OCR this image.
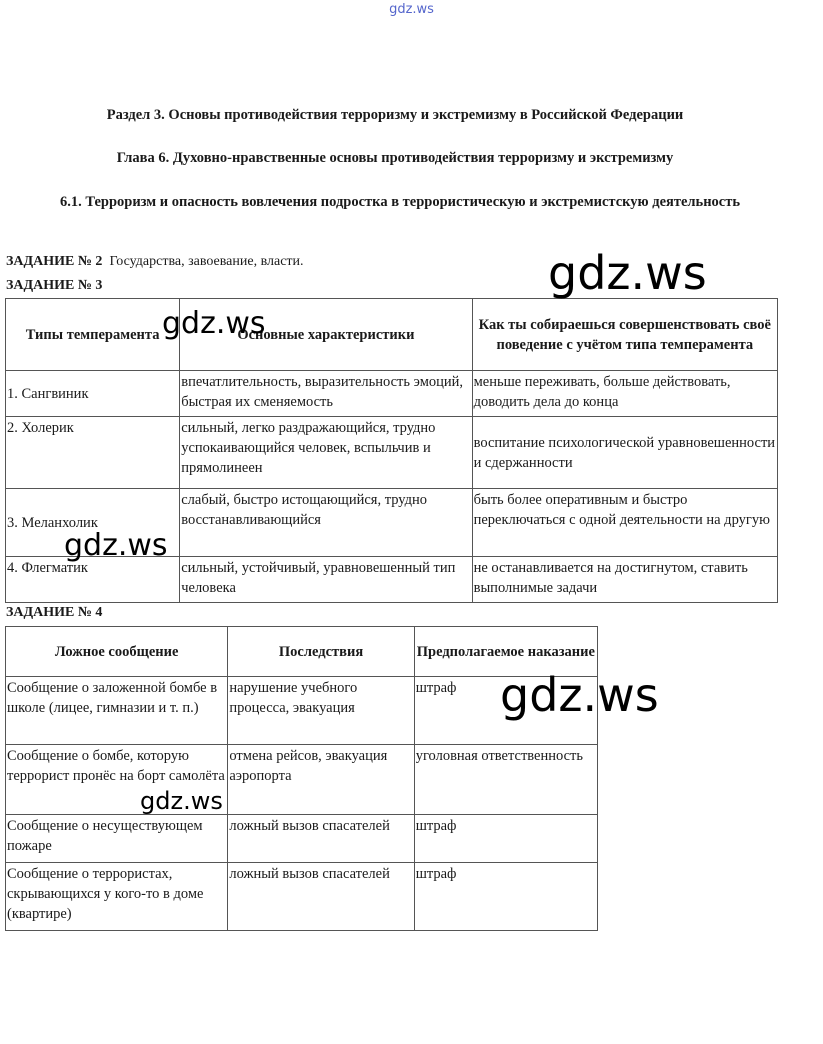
gdz.ws
Раздел 3. Основы противодействия терроризму и экстремизму в Российской Федерации
Глава 6. Духовно-нравственные основы противодействия терроризму и экстремизму
6.1. Терроризм и опасность вовлечения подростка в террористическую и экстремистскую деятельность
ЗАДАНИЕ № 2 Государства, завоевание, власти.
ЗАДАНИЕ № 3
Типы темперамента	Основные характеристики	Как ты собираешься совершенствовать своё поведение с учётом типа темперамента
1. Сангвиник	впечатлительность, выразительность эмоций, быстрая их сменяемость	меньше переживать, больше действовать, доводить дела до конца
2. Холерик	сильный, легко раздражающийся, трудно успокаивающийся человек, вспыльчив и прямолинеен	воспитание психологической уравновешенности и сдержанности
3. Меланхолик	слабый, быстро истощающийся, трудно восстанавливающийся	быть более оперативным и быстро переключаться с одной деятельности на другую
4. Флегматик	сильный, устойчивый, уравновешенный тип человека	не останавливается на достигнутом, ставить выполнимые задачи
ЗАДАНИЕ № 4
Ложное сообщение	Последствия	Предполагаемое наказание
Сообщение о заложенной бомбе в школе (лицее, гимназии и т. п.)	нарушение учебного процесса, эвакуация	штраф
Сообщение о бомбе, которую террорист пронёс на борт самолёта	отмена рейсов, эвакуация аэропорта	уголовная ответственность
Сообщение о несуществующем пожаре	ложный вызов спасателей	штраф
Сообщение о террористах, скрывающихся у кого-то в доме (квартире)	ложный вызов спасателей	штраф
gdz.ws
gdz.ws
gdz.ws
gdz.ws
gdz.ws
